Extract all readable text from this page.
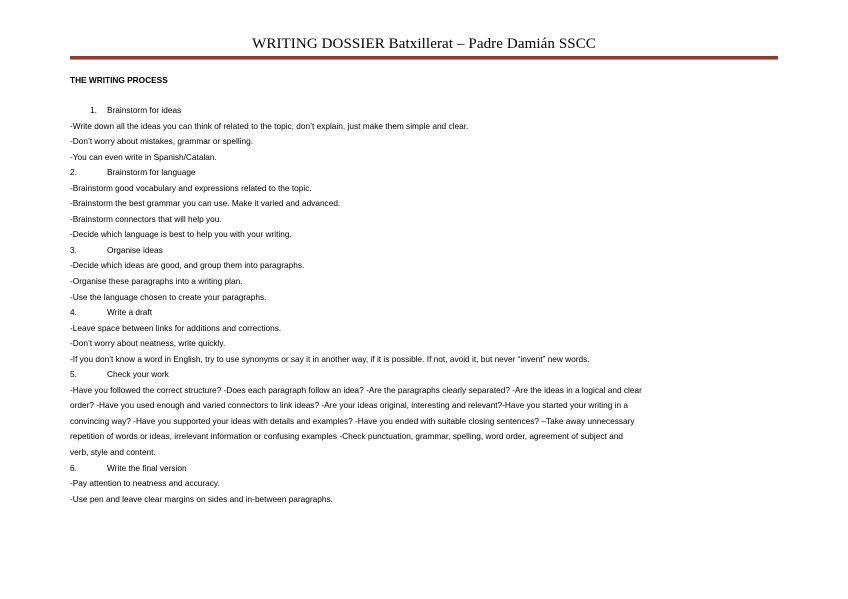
WRITING DOSSIER Batxillerat – Padre Damián SSCC
THE WRITING PROCESS
1.	Brainstorm for ideas
-Write down all the ideas you can think of related to the topic, don’t explain, just make them simple and clear.
-Don’t worry about mistakes, grammar or spelling.
-You can even write in Spanish/Catalan.
2.	Brainstorm for language
-Brainstorm good vocabulary and expressions related to the topic.
-Brainstorm the best grammar you can use. Make it varied and advanced.
-Brainstorm connectors that will help you.
-Decide which language is best to help you with your writing.
3.	Organise ideas
-Decide which ideas are good, and group them into paragraphs.
-Organise these paragraphs into a writing plan.
-Use the language chosen to create your paragraphs.
4.	Write a draft
-Leave space between links for additions and corrections.
-Don’t worry about neatness, write quickly.
-If you don’t know a word in English, try to use synonyms or say it in another way, if it is possible. If not, avoid it, but never “invent” new words.
5.	Check your work
-Have you followed the correct structure? -Does each paragraph follow an idea? -Are the paragraphs clearly separated? -Are the ideas in a logical and clear
order? -Have you used enough and varied connectors to link ideas? -Are your ideas original, interesting and relevant?-Have you started your writing in a
convincing way? -Have you supported your ideas with details and examples? -Have you ended with suitable closing sentences? –Take away unnecessary
repetition of words or ideas, irrelevant information or confusing examples -Check punctuation, grammar, spelling, word order, agreement of subject and
verb, style and content.
6.	Write the final version
-Pay attention to neatness and accuracy.
-Use pen and leave clear margins on sides and in-between paragraphs.
